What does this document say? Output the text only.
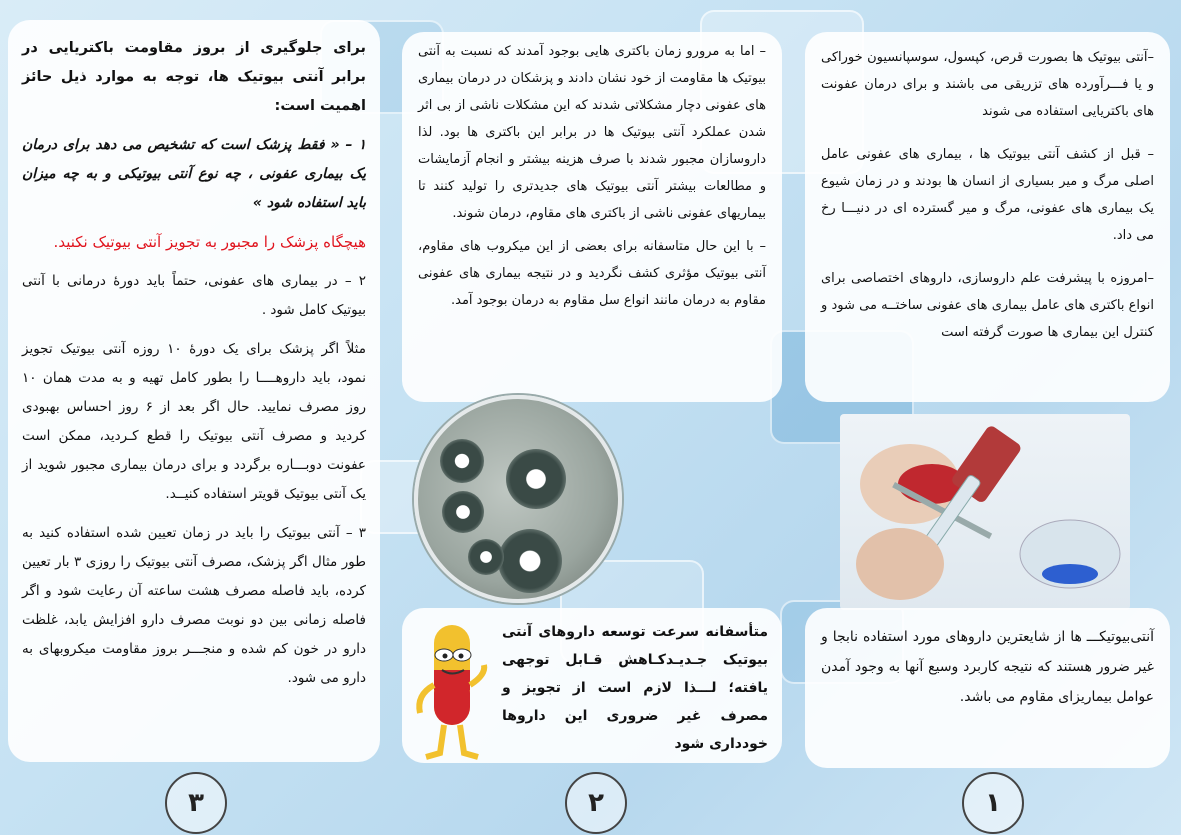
–آنتی بیوتیک ها بصورت قرص، کپسول، سوسپانسیون خوراکی و یا فـــرآورده های تزریقی می باشند و برای درمان عفونت های باکتریایی استفاده می شوند

– قبل از کشف آنتی بیوتیک ها ، بیماری های عفونی عامل اصلی مرگ و میر بسیاری از انسان ها بودند و در زمان شیوع یک بیماری های عفونی، مرگ و میر گسترده ای در دنیـــا رخ می داد.

–امروزه با پیشرفت علم داروسازی، داروهای اختصاصی برای انواع باکتری های عامل بیماری های عفونی ساختــه می شود و کنترل این بیماری ها صورت گرفته است

آنتی‌بیوتیکـــ ها از شایعترین داروهای مورد استفاده نابجا و غیر ضرور هستند که نتیجه کاربرد وسیع آنها به وجود آمدن عوامل بیماریزای مقاوم می باشد.

– اما به مرورو زمان باکتری هایی بوجود آمدند که نسبت به آنتی بیوتیک ها مقاومت از خود نشان دادند و پزشکان در درمان بیماری های عفونی دچار مشکلاتی شدند که این مشکلات ناشی از بی اثر شدن عملکرد آنتی بیوتیک ها در برابر این باکتری ها بود. لذا داروسازان مجبور شدند با صرف هزینه بیشتر و انجام آزمایشات و مطالعات بیشتر آنتی بیوتیک های جدیدتری را تولید کنند تا بیماریهای عفونی ناشی از باکتری های مقاوم، درمان شوند.

– با این حال متاسفانه برای بعضی از این میکروب های مقاوم، آنتی بیوتیک مؤثری کشف نگردید و در نتیجه بیماری های عفونی مقاوم به درمان مانند انواع سل مقاوم به درمان بوجود آمد.

متأسفانه سرعت توسعه داروهای آنتی بیوتیک جـدیـدکـاهش قـابل توجهی یافته؛ لـــذا لازم است از تجویز و مصرف غیر ضروری این داروها خودداری شود

برای جلوگیری از بروز مقاومت باکتریایی در برابر آنتی بیوتیک ها، توجه به موارد ذیل حائز اهمیت است:

۱ – « فقط پزشک است که تشخیص می دهد برای درمان یک بیماری عفونی ، چه نوع آنتی بیوتیکی و به چه میزان باید استفاده شود »

هیچگاه پزشک را مجبور به تجویز آنتی بیوتیک نکنید.

۲ – در بیماری های عفونی، حتماً باید دورهٔ درمانی با آنتی بیوتیک کامل شود .

مثلاً اگر پزشک برای یک دورهٔ ۱۰ روزه آنتی بیوتیک تجویز نمود، باید داروهــــا را بطور کامل تهیه و به مدت همان ۱۰ روز مصرف نمایید. حال اگر بعد از ۶ روز احساس بهبودی کردید و مصرف آنتی بیوتیک را قطع کـردید، ممکن است عفونت دوبـــاره برگردد و برای درمان بیماری مجبور شوید از یک آنتی بیوتیک قویتر استفاده کنیــد.

۳ – آنتی بیوتیک را باید در زمان تعیین شده استفاده کنید به طور مثال اگر پزشک، مصرف آنتی بیوتیک را روزی ۳ بار تعیین کرده، باید فاصله مصرف هشت ساعته آن رعایت شود و اگر فاصله زمانی بین دو نوبت مصرف دارو افزایش یابد، غلظت دارو در خون کم شده و منجـــر بروز مقاومت میکروبهای به دارو می شود.

۱
۲
۳
